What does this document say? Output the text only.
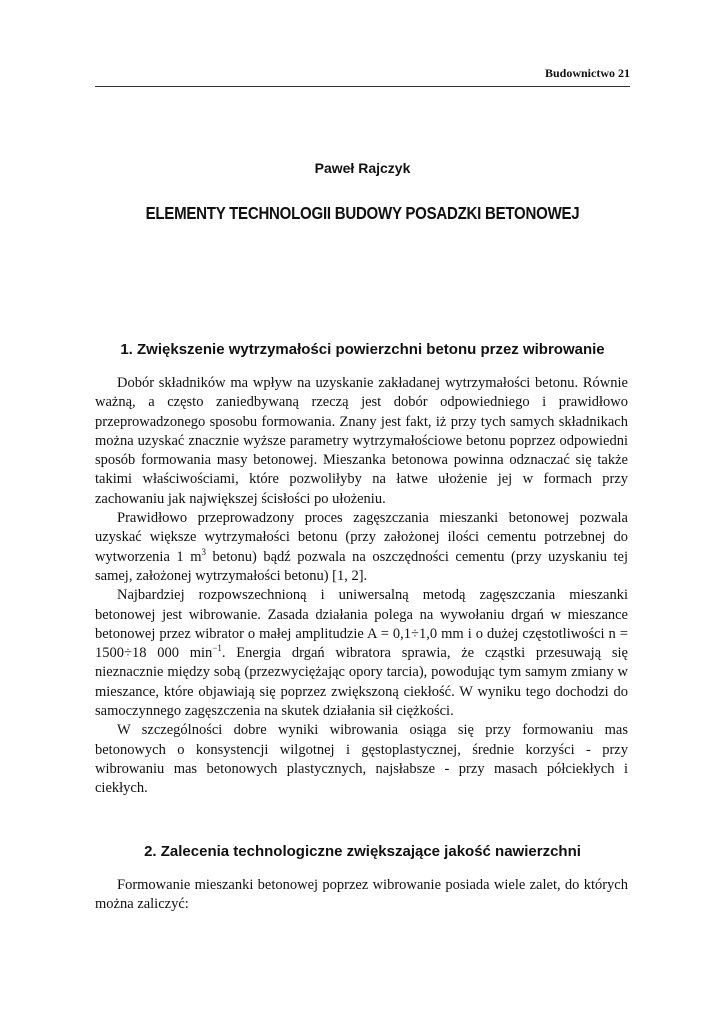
Budownictwo 21
Paweł Rajczyk
ELEMENTY TECHNOLOGII BUDOWY POSADZKI BETONOWEJ
1. Zwiększenie wytrzymałości powierzchni betonu przez wibrowanie

Dobór składników ma wpływ na uzyskanie zakładanej wytrzymałości betonu. Równie ważną, a często zaniedbywaną rzeczą jest dobór odpowiedniego i prawidłowo przeprowadzonego sposobu formowania. Znany jest fakt, iż przy tych samych składnikach można uzyskać znacznie wyższe parametry wytrzymałościowe betonu poprzez odpowiedni sposób formowania masy betonowej. Mieszanka betonowa powinna odznaczać się także takimi właściwościami, które pozwoliłyby na łatwe ułożenie jej w formach przy zachowaniu jak największej ścisłości po ułożeniu.

Prawidłowo przeprowadzony proces zagęszczania mieszanki betonowej pozwala uzyskać większe wytrzymałości betonu (przy założonej ilości cementu potrzebnej do wytworzenia 1 $m^3$ betonu) bądź pozwala na oszczędności cementu (przy uzyskaniu tej samej, założonej wytrzymałości betonu) [1, 2].

Najbardziej rozpowszechnioną i uniwersalną metodą zagęszczania mieszanki betonowej jest wibrowanie. Zasada działania polega na wywołaniu drgań w mieszance betonowej przez wibrator o małej amplitudzie A = 0,1÷1,0 mm i o dużej częstotliwości n = 1500÷18 000 $\min^{-1}$. Energia drgań wibratora sprawia, że cząstki przesuwają się nieznacznie między sobą (przezwyciężając opory tarcia), powodując tym samym zmiany w mieszance, które objawiają się poprzez zwiększoną ciekłość. W wyniku tego dochodzi do samoczynnego zagęszczenia na skutek działania sił ciężkości.

W szczególności dobre wyniki wibrowania osiąga się przy formowaniu mas betonowych o konsystencji wilgotnej i gęstoplastycznej, średnie korzyści - przy wibrowaniu mas betonowych plastycznych, najsłabsze - przy masach półciekłych i ciekłych.

2. Zalecenia technologiczne zwiększające jakość nawierzchni

Formowanie mieszanki betonowej poprzez wibrowanie posiada wiele zalet, do których można zaliczyć:
